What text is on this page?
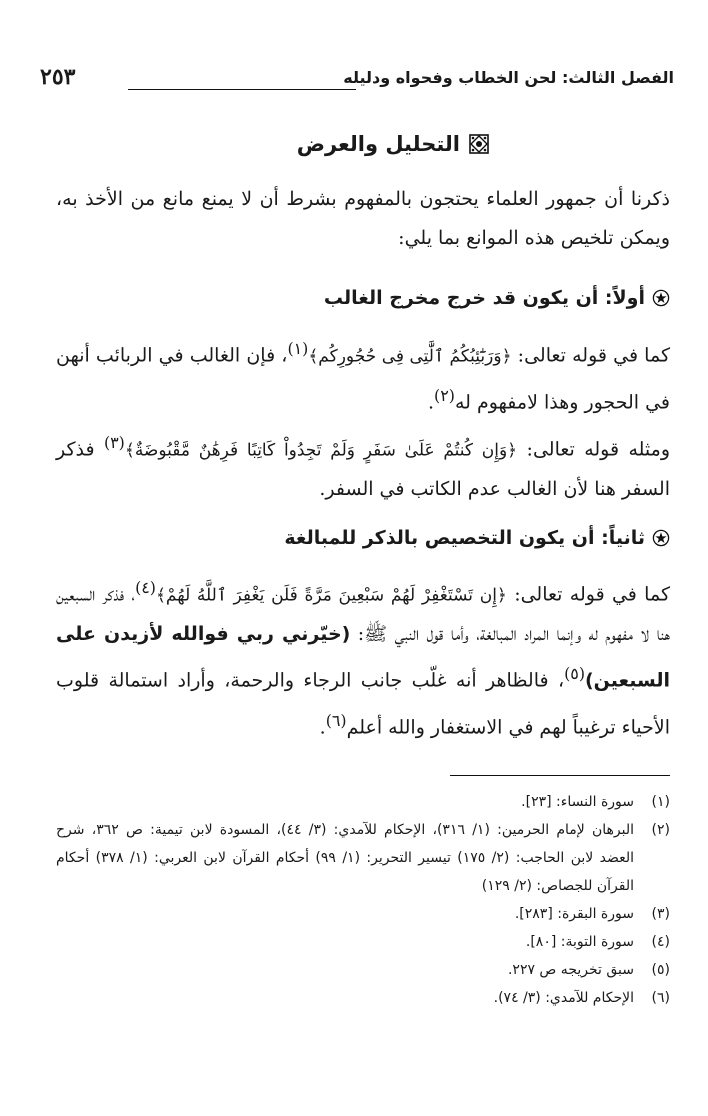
الفصل الثالث: لحن الخطاب وفحواه ودليله
٢٥٣
التحليل والعرض
ذكرنا أن جمهور العلماء يحتجون بالمفهوم بشرط أن لا يمنع مانع من الأخذ به، ويمكن تلخيص هذه الموانع بما يلي:
أولاً: أن يكون قد خرج مخرج الغالب
كما في قوله تعالى: ﴿وَرَبَٰٓئِبُكُمُ ٱلَّٰتِى فِى حُجُورِكُم﴾$^{(١)}$، فإن الغالب في الربائب أنهن في الحجور وهذا لامفهوم له$^{(٢)}$.
ومثله قوله تعالى: ﴿وَإِن كُنتُمْ عَلَىٰ سَفَرٍ وَلَمْ تَجِدُواْ كَاتِبًا فَرِهَٰنٌ مَّقْبُوضَةٌ﴾$^{(٣)}$ فذكر السفر هنا لأن الغالب عدم الكاتب في السفر.
ثانياً: أن يكون التخصيص بالذكر للمبالغة
كما في قوله تعالى: ﴿إِن تَسْتَغْفِرْ لَهُمْ سَبْعِينَ مَرَّةً فَلَن يَغْفِرَ ٱللَّهُ لَهُمْ﴾$^{(٤)}$، فذكر السبعين هنا لا مفهوم له وإنما المراد المبالغة، وأما قول النبي ﷺ: (خيّرني ربي فوالله لأزيدن على السبعين)$^{(٥)}$، فالظاهر أنه غلّب جانب الرجاء والرحمة، وأراد استمالة قلوب الأحياء ترغيباً لهم في الاستغفار والله أعلم$^{(٦)}$.
(١)
سورة النساء: [٢٣].
(٢)
البرهان لإمام الحرمين: (١/ ٣١٦)، الإحكام للآمدي: (٣/ ٤٤)، المسودة لابن تيمية: ص ٣٦٢، شرح العضد لابن الحاجب: (٢/ ١٧٥) تيسير التحرير: (١/ ٩٩) أحكام القرآن لابن العربي: (١/ ٣٧٨) أحكام القرآن للجصاص: (٢/ ١٢٩)
(٣)
سورة البقرة: [٢٨٣].
(٤)
سورة التوبة: [٨٠].
(٥)
سبق تخريجه ص ٢٢٧.
(٦)
الإحكام للآمدي: (٣/ ٧٤).
